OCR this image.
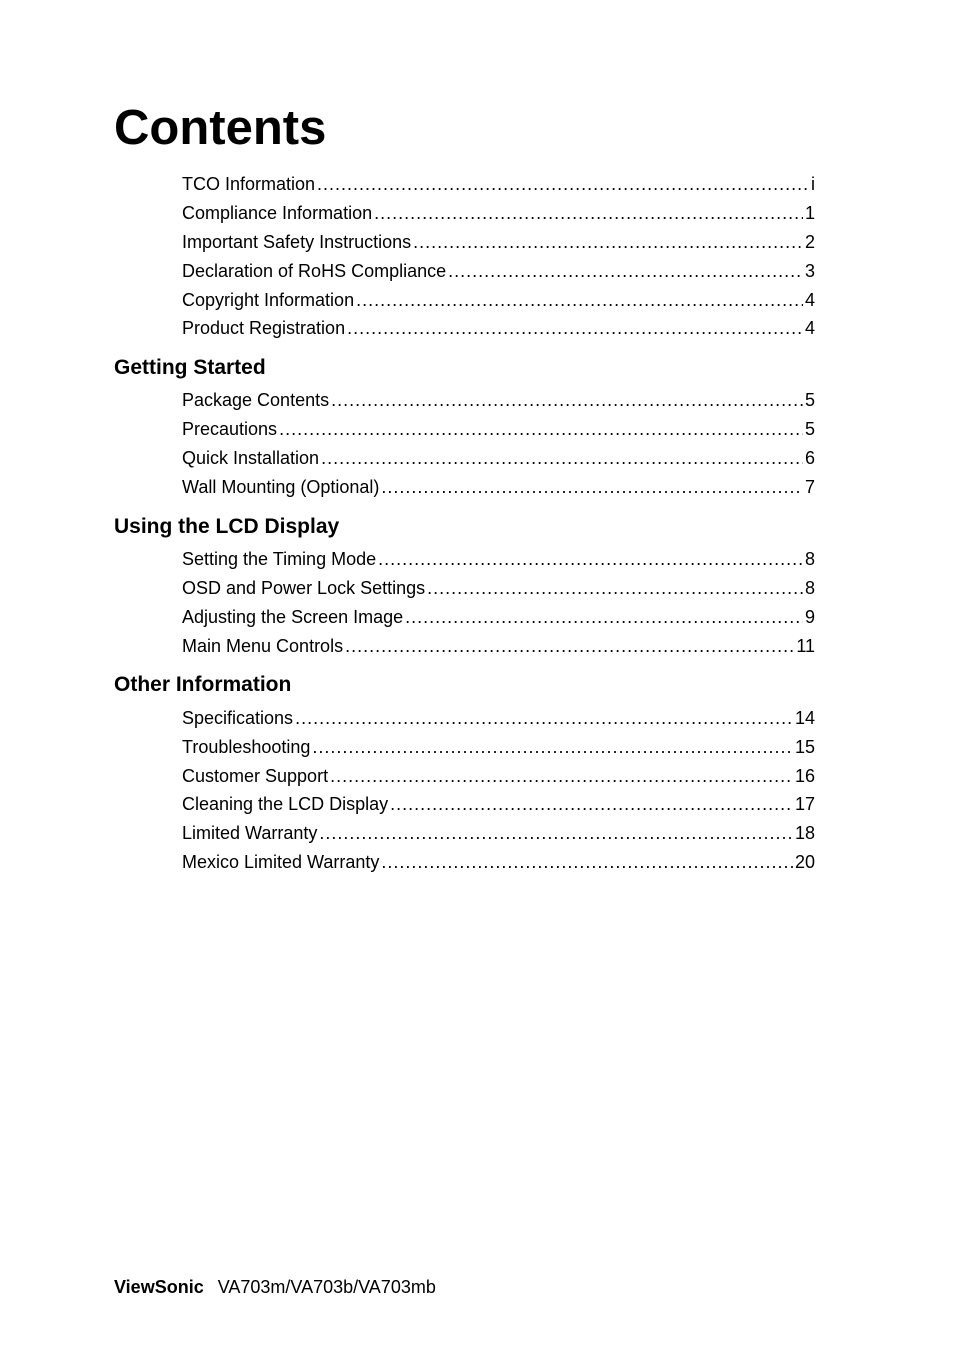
Contents
TCO Information .....	i
Compliance Information .....	1
Important Safety Instructions .....	2
Declaration of RoHS Compliance .....	3
Copyright Information .....	4
Product Registration .....	4
Getting Started
Package Contents .....	5
Precautions .....	5
Quick Installation .....	6
Wall Mounting (Optional) .....	7
Using the LCD Display
Setting the Timing Mode .....	8
OSD and Power Lock Settings .....	8
Adjusting the Screen Image .....	9
Main Menu Controls .....	11
Other Information
Specifications .....	14
Troubleshooting .....	15
Customer Support .....	16
Cleaning the LCD Display .....	17
Limited Warranty .....	18
Mexico Limited Warranty .....	20
ViewSonic VA703m/VA703b/VA703mb
